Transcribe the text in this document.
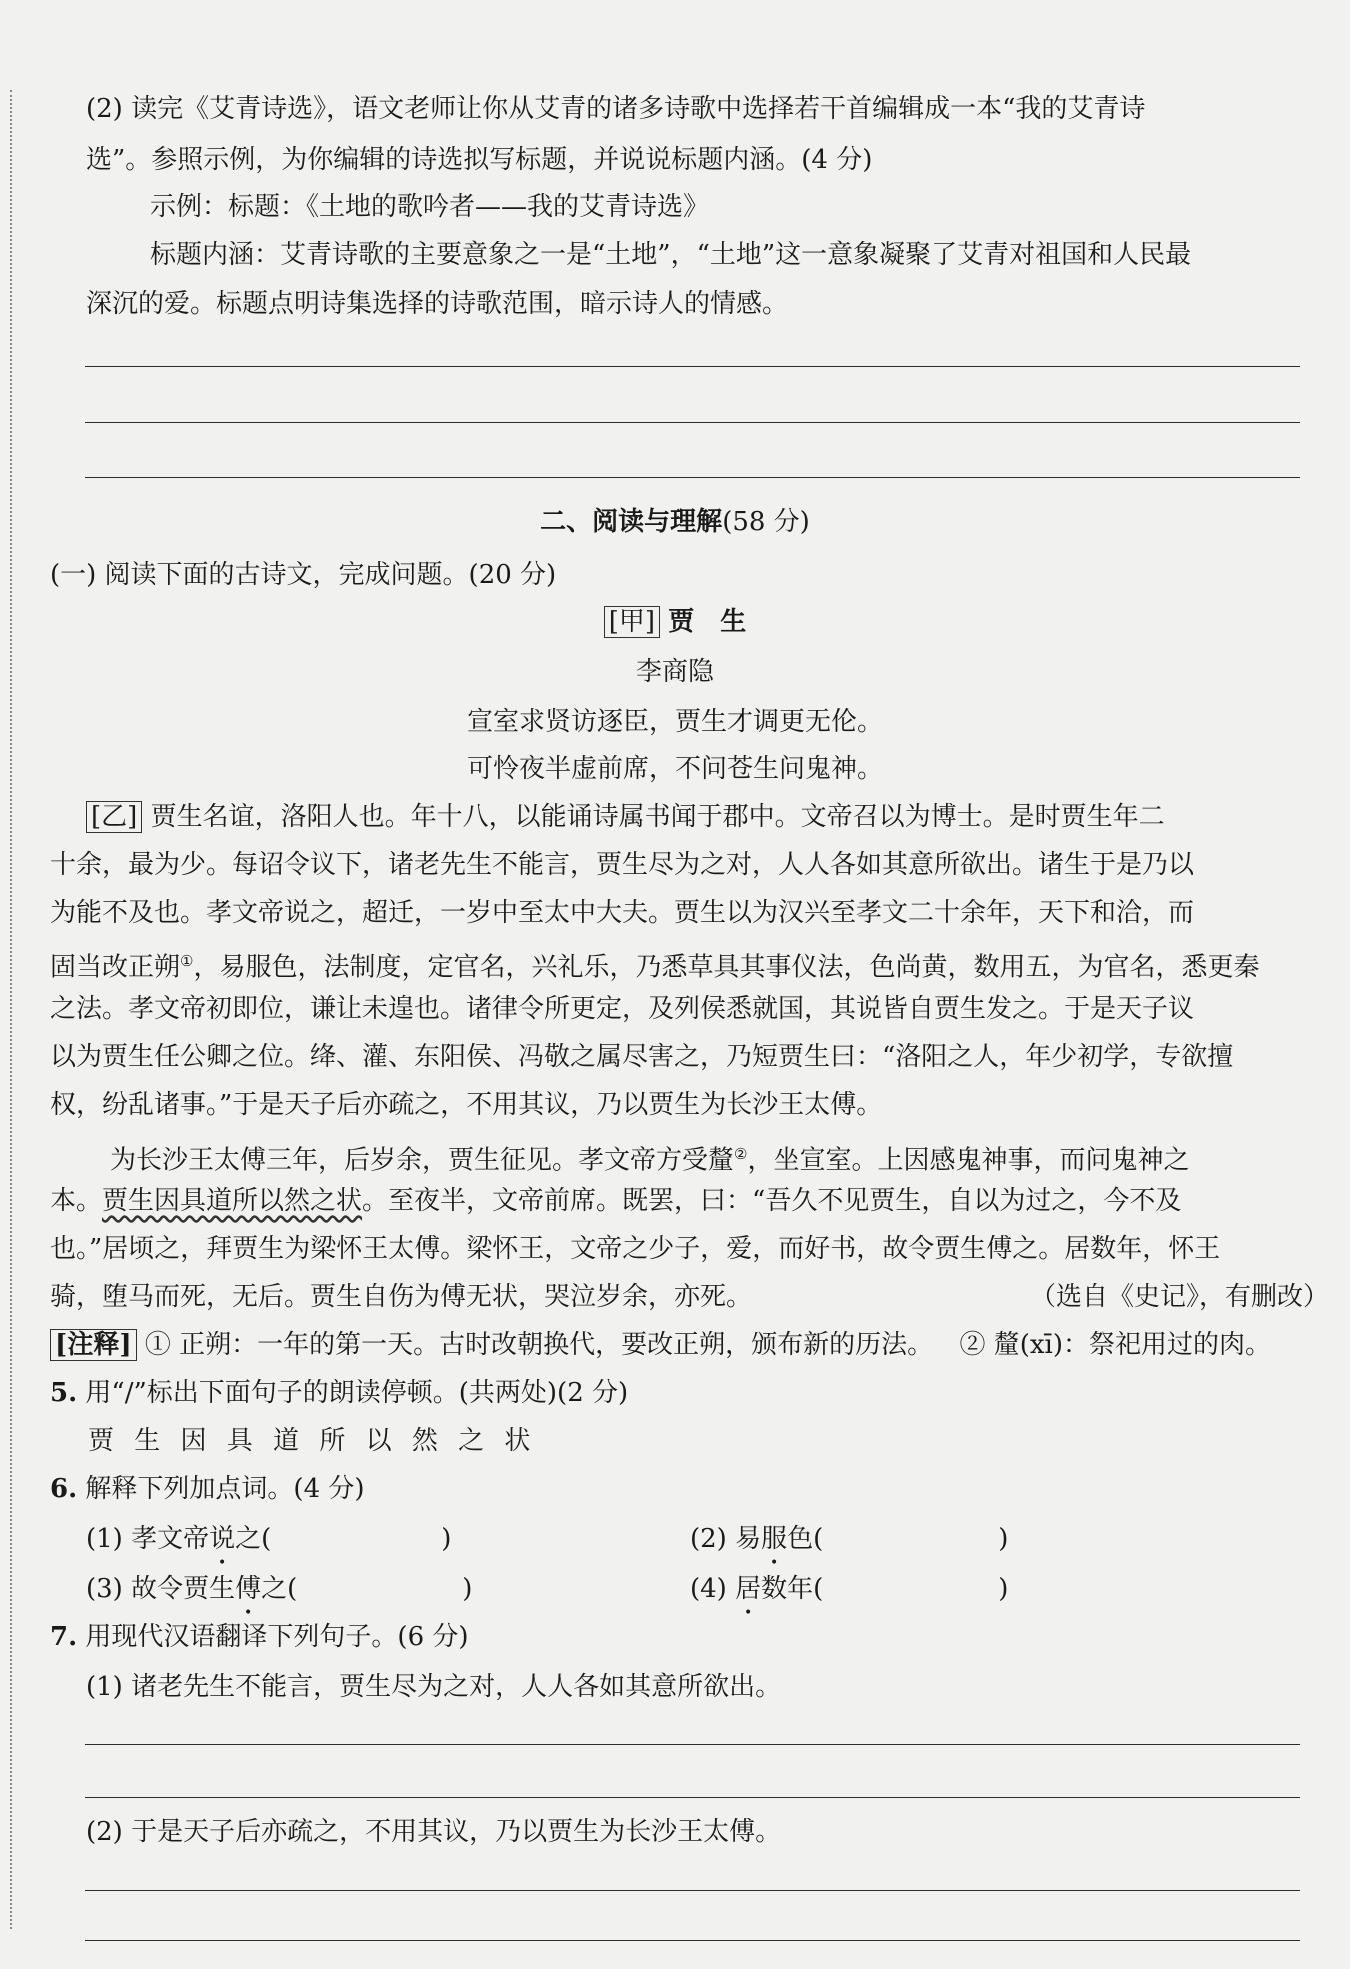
(2) 读完《艾青诗选》，语文老师让你从艾青的诸多诗歌中选择若干首编辑成一本“我的艾青诗
选”。参照示例，为你编辑的诗选拟写标题，并说说标题内涵。(4 分)
示例：标题：《土地的歌吟者——我的艾青诗选》
标题内涵：艾青诗歌的主要意象之一是“土地”，“土地”这一意象凝聚了艾青对祖国和人民最
深沉的爱。标题点明诗集选择的诗歌范围，暗示诗人的情感。
二、阅读与理解(58 分)
(一) 阅读下面的古诗文，完成问题。(20 分)
[甲] 贾　生
李商隐
宣室求贤访逐臣，贾生才调更无伦。
可怜夜半虚前席，不问苍生问鬼神。
[乙] 贾生名谊，洛阳人也。年十八，以能诵诗属书闻于郡中。文帝召以为博士。是时贾生年二
十余，最为少。每诏令议下，诸老先生不能言，贾生尽为之对，人人各如其意所欲出。诸生于是乃以
为能不及也。孝文帝说之，超迁，一岁中至太中大夫。贾生以为汉兴至孝文二十余年，天下和洽，而
固当改正朔①，易服色，法制度，定官名，兴礼乐，乃悉草具其事仪法，色尚黄，数用五，为官名，悉更秦
之法。孝文帝初即位，谦让未遑也。诸律令所更定，及列侯悉就国，其说皆自贾生发之。于是天子议
以为贾生任公卿之位。绛、灌、东阳侯、冯敬之属尽害之，乃短贾生曰：“洛阳之人，年少初学，专欲擅
权，纷乱诸事。”于是天子后亦疏之，不用其议，乃以贾生为长沙王太傅。
为长沙王太傅三年，后岁余，贾生征见。孝文帝方受釐②，坐宣室。上因感鬼神事，而问鬼神之
本。贾生因具道所以然之状。至夜半，文帝前席。既罢，曰：“吾久不见贾生，自以为过之，今不及
也。”居顷之，拜贾生为梁怀王太傅。梁怀王，文帝之少子，爱，而好书，故令贾生傅之。居数年，怀王
骑，堕马而死，无后。贾生自伤为傅无状，哭泣岁余，亦死。	（选自《史记》，有删改）
[注释] ① 正朔：一年的第一天。古时改朝换代，要改正朔，颁布新的历法。 ② 釐(xī)：祭祀用过的肉。
5. 用“/”标出下面句子的朗读停顿。(共两处)(2 分)
贾 生 因 具 道 所 以 然 之 状
6. 解释下列加点词。(4 分)
(1) 孝文帝说之(	)	(2) 易服色(	)
(3) 故令贾生傅之(	)	(4) 居数年(	)
7. 用现代汉语翻译下列句子。(6 分)
(1) 诸老先生不能言，贾生尽为之对，人人各如其意所欲出。
(2) 于是天子后亦疏之，不用其议，乃以贾生为长沙王太傅。
